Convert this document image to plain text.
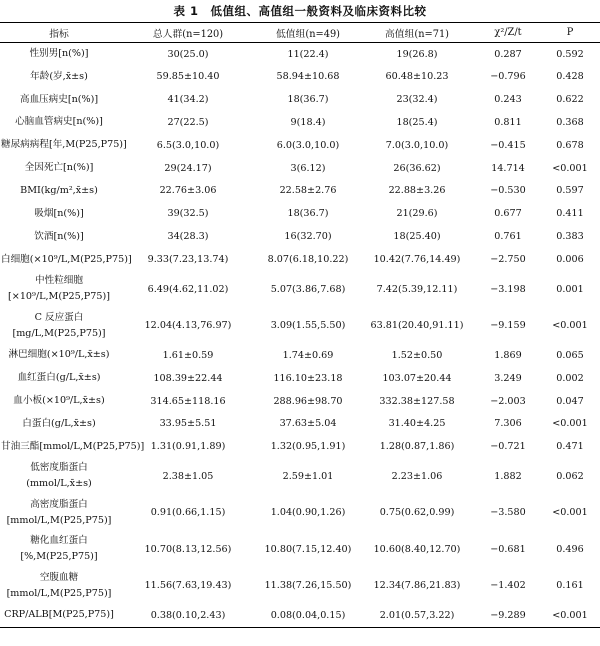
表 1 低值组、高值组一般资料及临床资料比较
指标	总人群(n=120)	低值组(n=49)	高值组(n=71)	χ²/Z/t	P
性别男[n(%)]	30(25.0)	11(22.4)	19(26.8)	0.287	0.592
年龄(岁,x̄±s)	59.85±10.40	58.94±10.68	60.48±10.23	−0.796	0.428
高血压病史[n(%)]	41(34.2)	18(36.7)	23(32.4)	0.243	0.622
心脑血管病史[n(%)]	27(22.5)	9(18.4)	18(25.4)	0.811	0.368
糖尿病病程[年,M(P25,P75)]	6.5(3.0,10.0)	6.0(3.0,10.0)	7.0(3.0,10.0)	−0.415	0.678
全因死亡[n(%)]	29(24.17)	3(6.12)	26(36.62)	14.714	<0.001
BMI(kg/m²,x̄±s)	22.76±3.06	22.58±2.76	22.88±3.26	−0.530	0.597
吸烟[n(%)]	39(32.5)	18(36.7)	21(29.6)	0.677	0.411
饮酒[n(%)]	34(28.3)	16(32.70)	18(25.40)	0.761	0.383
白细胞(×10⁹/L,M(P25,P75)]	9.33(7.23,13.74)	8.07(6.18,10.22)	10.42(7.76,14.49)	−2.750	0.006
中性粒细胞
[×10⁹/L,M(P25,P75)]	6.49(4.62,11.02)	5.07(3.86,7.68)	7.42(5.39,12.11)	−3.198	0.001
C 反应蛋白
[mg/L,M(P25,P75)]	12.04(4.13,76.97)	3.09(1.55,5.50)	63.81(20.40,91.11)	−9.159	<0.001
淋巴细胞(×10⁹/L,x̄±s)	1.61±0.59	1.74±0.69	1.52±0.50	1.869	0.065
血红蛋白(g/L,x̄±s)	108.39±22.44	116.10±23.18	103.07±20.44	3.249	0.002
血小板(×10⁹/L,x̄±s)	314.65±118.16	288.96±98.70	332.38±127.58	−2.003	0.047
白蛋白(g/L,x̄±s)	33.95±5.51	37.63±5.04	31.40±4.25	7.306	<0.001
甘油三酯[mmol/L,M(P25,P75)]	1.31(0.91,1.89)	1.32(0.95,1.91)	1.28(0.87,1.86)	−0.721	0.471
低密度脂蛋白
(mmol/L,x̄±s)	2.38±1.05	2.59±1.01	2.23±1.06	1.882	0.062
高密度脂蛋白
[mmol/L,M(P25,P75)]	0.91(0.66,1.15)	1.04(0.90,1.26)	0.75(0.62,0.99)	−3.580	<0.001
糖化血红蛋白
[%,M(P25,P75)]	10.70(8.13,12.56)	10.80(7.15,12.40)	10.60(8.40,12.70)	−0.681	0.496
空腹血糖
[mmol/L,M(P25,P75)]	11.56(7.63,19.43)	11.38(7.26,15.50)	12.34(7.86,21.83)	−1.402	0.161
CRP/ALB[M(P25,P75)]	0.38(0.10,2.43)	0.08(0.04,0.15)	2.01(0.57,3.22)	−9.289	<0.001
